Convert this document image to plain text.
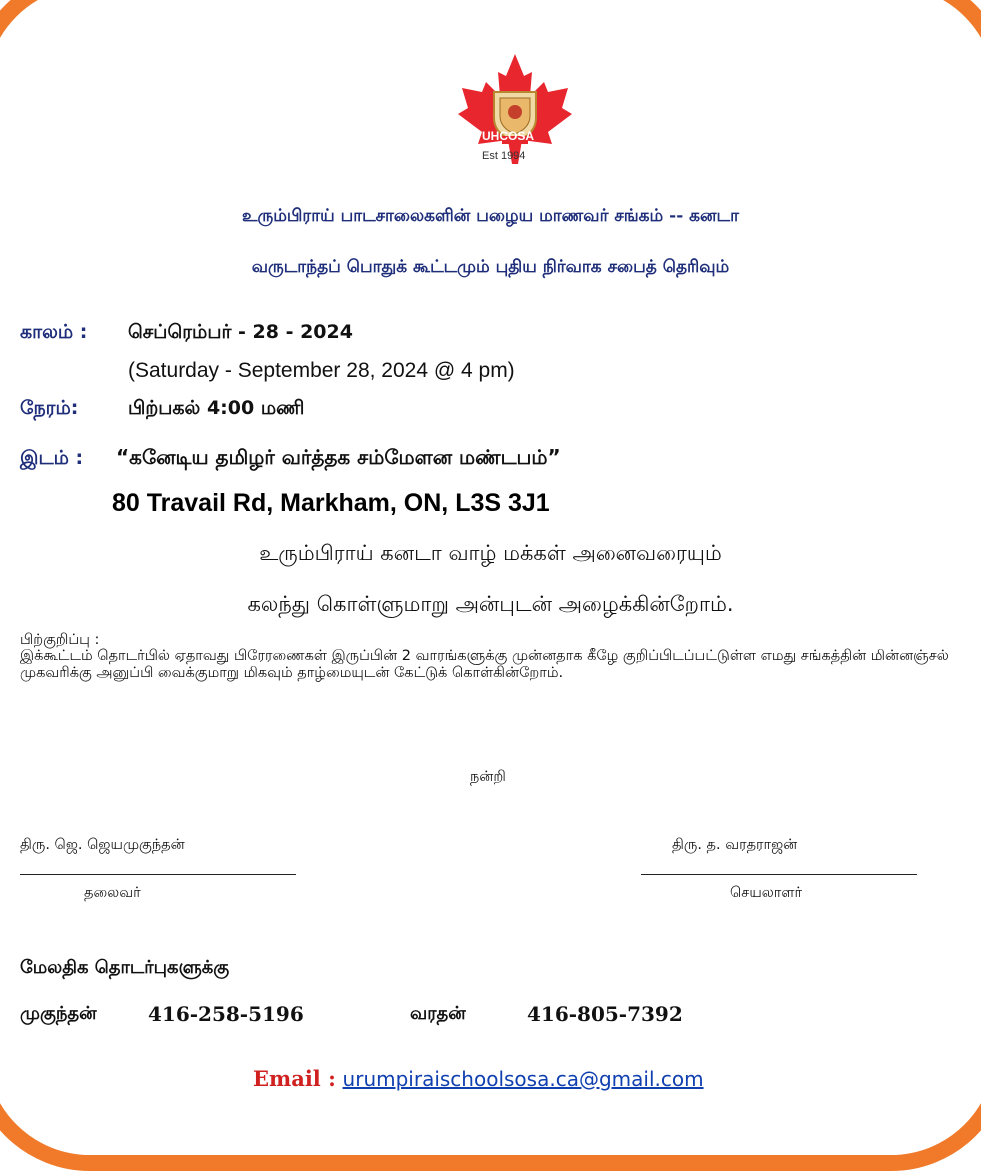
UHCOSA
Est 1994
உரும்பிராய் பாடசாலைகளின் பழைய மாணவர் சங்கம் -- கனடா
வருடாந்தப் பொதுக் கூட்டமும் புதிய நிர்வாக சபைத் தெரிவும்
காலம் : செப்ரெம்பர் - 28 - 2024
(Saturday - September 28, 2024 @ 4 pm)
நேரம்:	பிற்பகல் 4:00 மணி
இடம் : “கனேடிய தமிழர் வர்த்தக சம்மேளன மண்டபம்”
80 Travail Rd, Markham, ON, L3S 3J1
உரும்பிராய் கனடா வாழ் மக்கள் அனைவரையும்
கலந்து கொள்ளுமாறு அன்புடன் அழைக்கின்றோம்.
பிற்குறிப்பு :
இக்கூட்டம் தொடர்பில் ஏதாவது பிரேரணைகள் இருப்பின் 2 வாரங்களுக்கு முன்னதாக கீழே குறிப்பிடப்பட்டுள்ள எமது சங்கத்தின் மின்னஞ்சல் முகவரிக்கு அனுப்பி வைக்குமாறு மிகவும் தாழ்மையுடன் கேட்டுக் கொள்கின்றோம்.
நன்றி
திரு. ஜெ. ஜெயமுகுந்தன்
தலைவர்
திரு. த. வரதராஜன்
செயலாளர்
மேலதிக தொடர்புகளுக்கு
முகுந்தன்	416-258-5196	வரதன்	416-805-7392
Email : urumpiraischoolsosa.ca@gmail.com
